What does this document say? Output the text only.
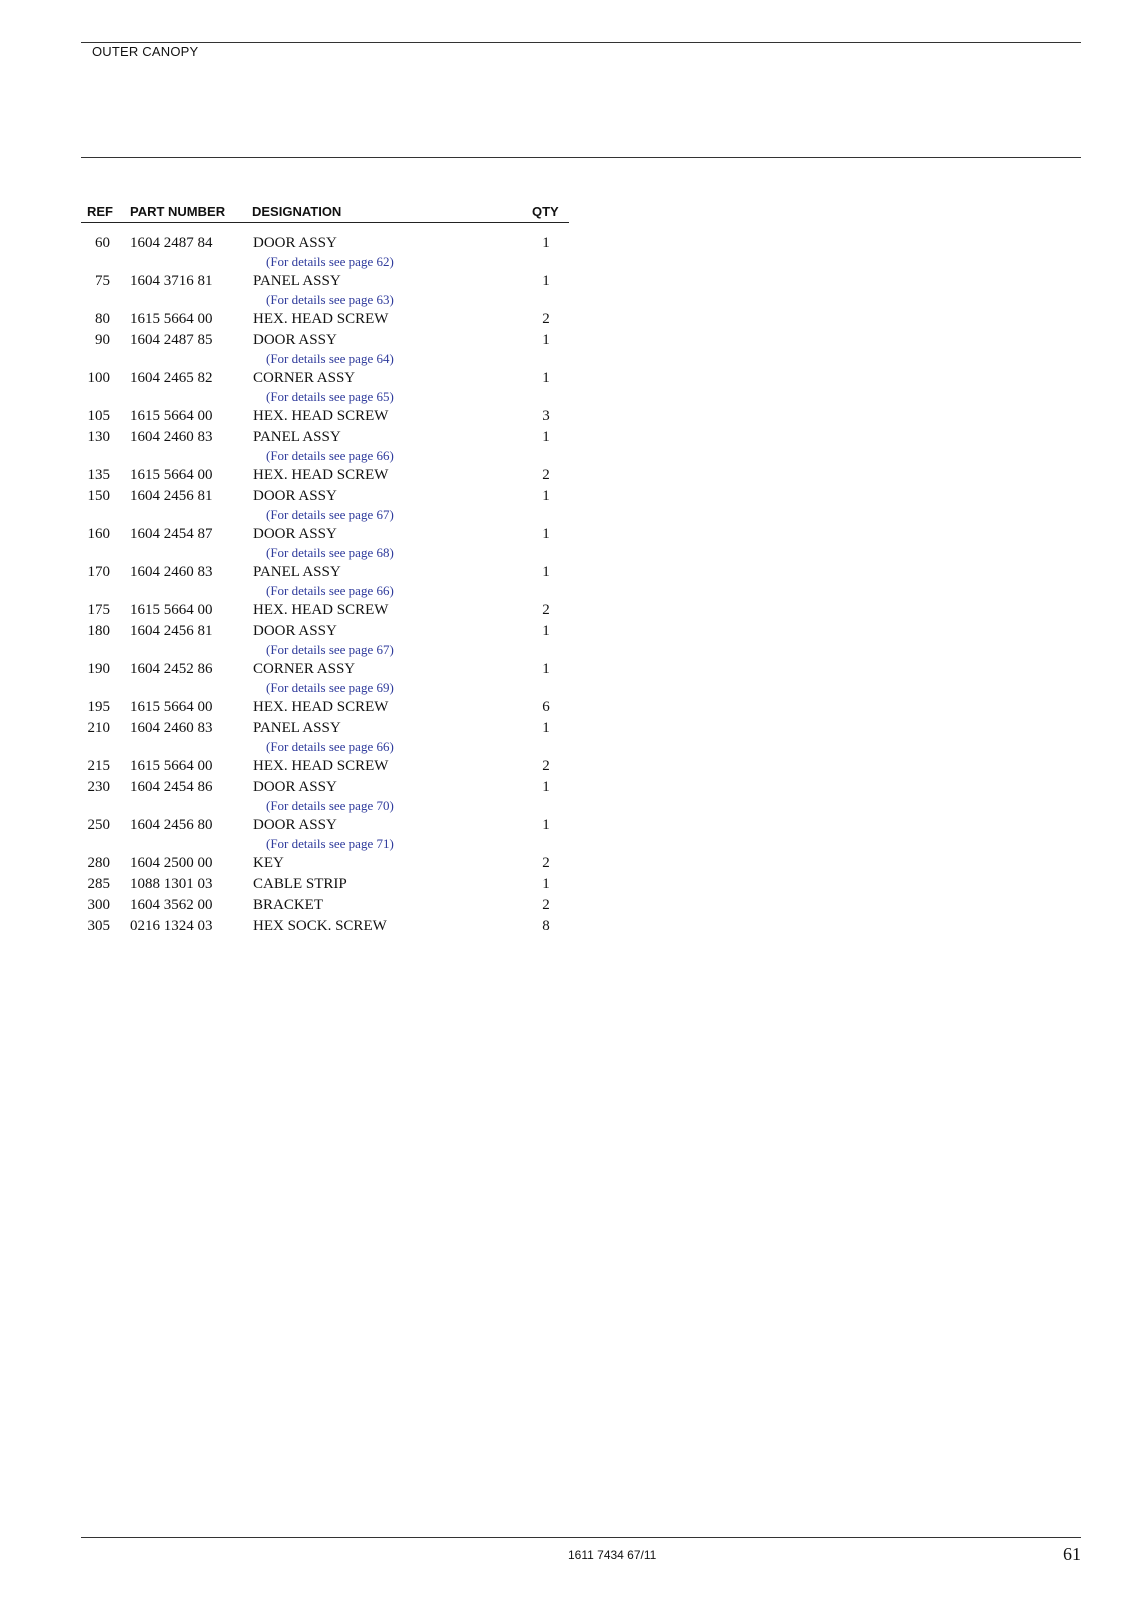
OUTER CANOPY
REF PART NUMBER DESIGNATION	QTY
60 1604 2487 84	DOOR ASSY	1
(For details see page 62)
75 1604 3716 81	PANEL ASSY	1
(For details see page 63)
80 1615 5664 00	HEX. HEAD SCREW	2
90 1604 2487 85	DOOR ASSY	1
(For details see page 64)
100 1604 2465 82	CORNER ASSY	1
(For details see page 65)
105 1615 5664 00	HEX. HEAD SCREW	3
130 1604 2460 83	PANEL ASSY	1
(For details see page 66)
135 1615 5664 00	HEX. HEAD SCREW	2
150 1604 2456 81	DOOR ASSY	1
(For details see page 67)
160 1604 2454 87	DOOR ASSY	1
(For details see page 68)
170 1604 2460 83	PANEL ASSY	1
(For details see page 66)
175 1615 5664 00	HEX. HEAD SCREW	2
180 1604 2456 81	DOOR ASSY	1
(For details see page 67)
190 1604 2452 86	CORNER ASSY	1
(For details see page 69)
195 1615 5664 00	HEX. HEAD SCREW	6
210 1604 2460 83	PANEL ASSY	1
(For details see page 66)
215 1615 5664 00	HEX. HEAD SCREW	2
230 1604 2454 86	DOOR ASSY	1
(For details see page 70)
250 1604 2456 80	DOOR ASSY	1
(For details see page 71)
280 1604 2500 00	KEY	2
285 1088 1301 03	CABLE STRIP	1
300 1604 3562 00	BRACKET	2
305 0216 1324 03	HEX SOCK. SCREW	8
1611 7434 67/11	61
